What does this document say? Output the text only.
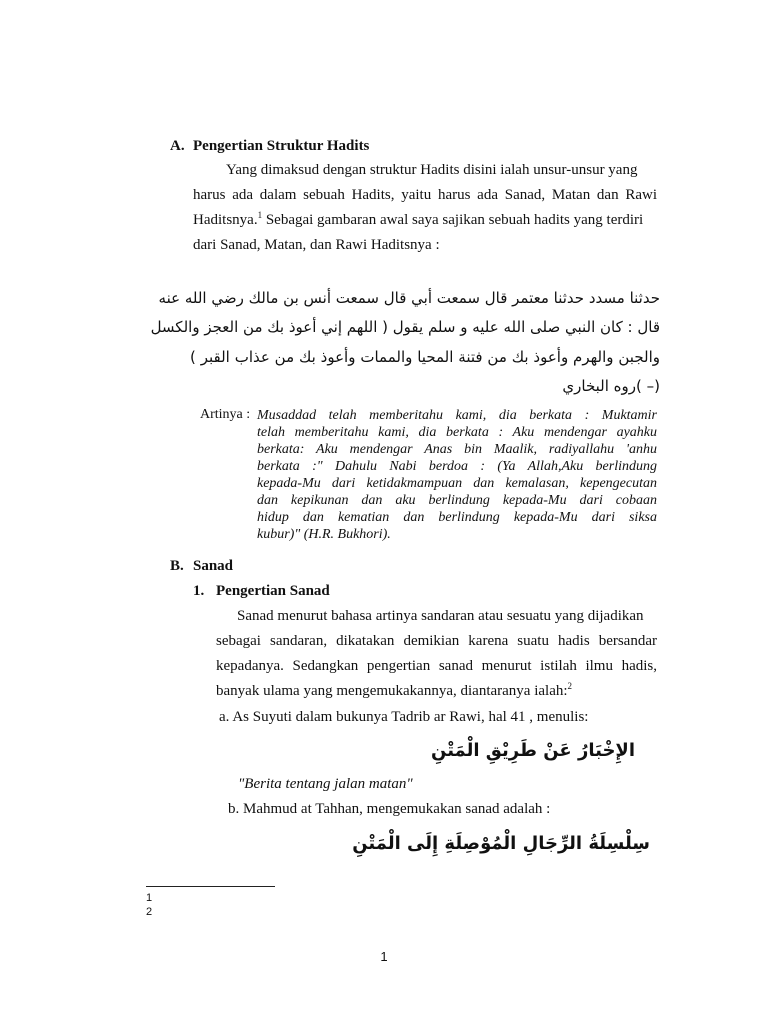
A. Pengertian Struktur Hadits
Yang dimaksud dengan struktur Hadits disini ialah unsur-unsur yang
harus ada dalam sebuah Hadits, yaitu harus ada Sanad, Matan dan Rawi
Haditsnya.$^1$ Sebagai gambaran awal saya sajikan sebuah hadits yang terdiri
dari Sanad, Matan, dan Rawi Haditsnya :
حدثنا مسدد حدثنا معتمر قال سمعت أبي قال سمعت أنس بن مالك رضي الله عنه
قال : كان النبي صلى الله عليه و سلم يقول ( اللهم إني أعوذ بك من العجز والكسل
والجبن والهرم وأعوذ بك من فتنة المحيا والممات وأعوذ بك من عذاب القبر )
(– )روه البخاري
Artinya : Musaddad telah memberitahu kami, dia berkata : Muktamir
telah memberitahu kami, dia berkata : Aku mendengar ayahku
berkata: Aku mendengar Anas bin Maalik, radiyallahu 'anhu
berkata :" Dahulu Nabi berdoa : (Ya Allah,Aku berlindung
kepada-Mu dari ketidakmampuan dan kemalasan, kepengecutan
dan kepikunan dan aku berlindung kepada-Mu dari cobaan
hidup dan kematian dan berlindung kepada-Mu dari siksa
kubur)" (H.R. Bukhori).
B. Sanad
1. Pengertian Sanad
Sanad menurut bahasa artinya sandaran atau sesuatu yang dijadikan
sebagai sandaran, dikatakan demikian karena suatu hadis bersandar
kepadanya. Sedangkan pengertian sanad menurut istilah ilmu hadis,
banyak ulama yang mengemukakannya, diantaranya ialah:$^2$
a. As Suyuti dalam bukunya Tadrib ar Rawi, hal 41 , menulis:
الإِخْبَارُ عَنْ طَرِيْقِ الْمَتْنِ
"Berita tentang jalan matan"
b. Mahmud at Tahhan, mengemukakan sanad adalah :
سِلْسِلَةُ الرِّجَالِ الْمُوْصِلَةِ إِلَى الْمَتْنِ
1
2
1
